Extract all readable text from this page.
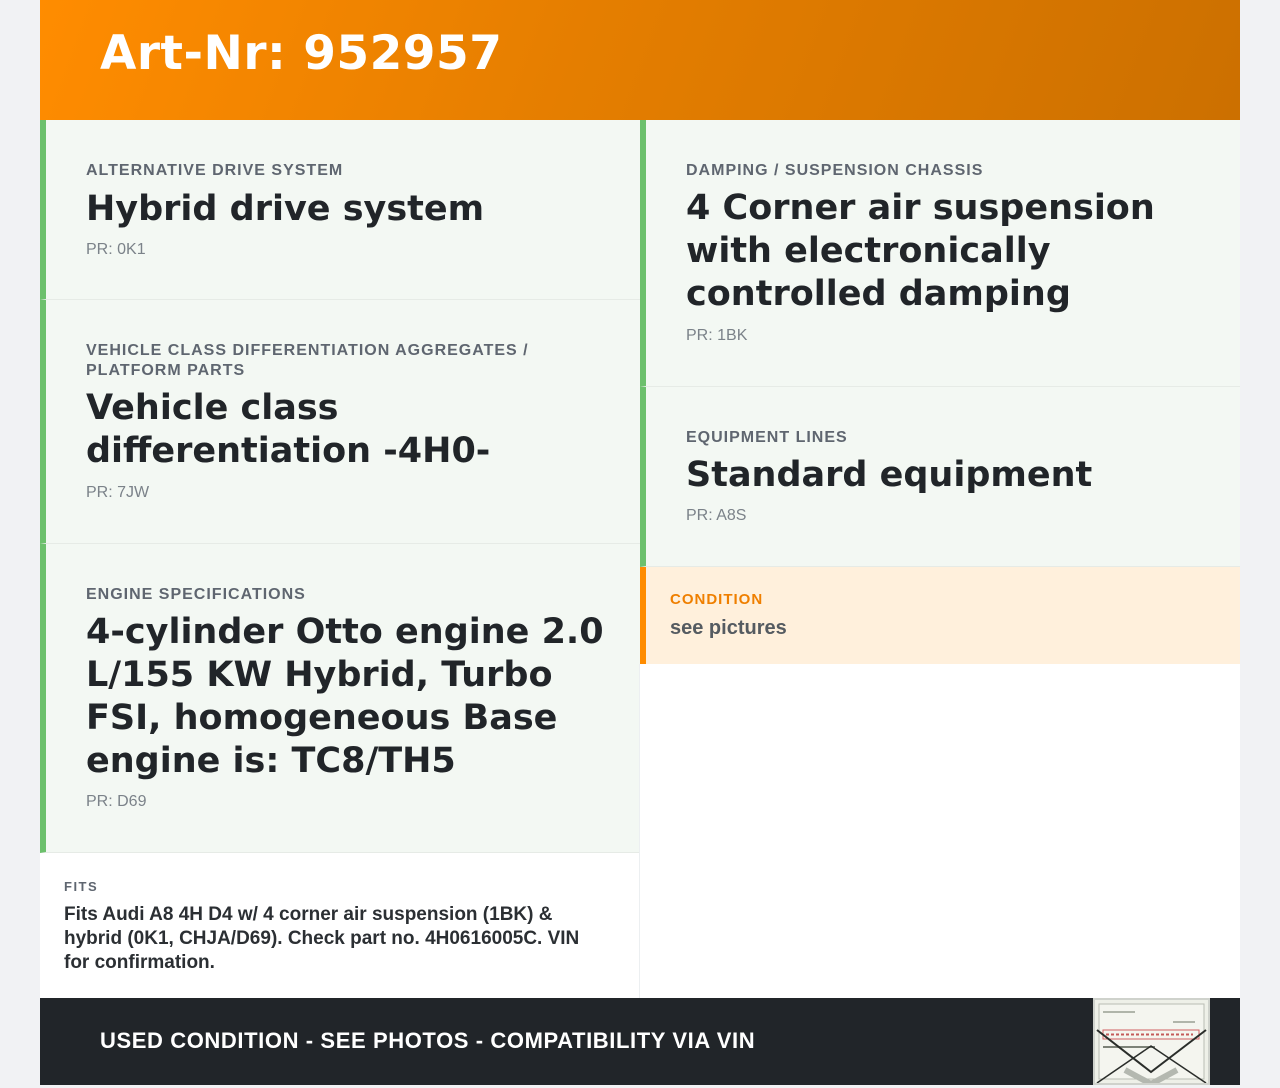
Art-Nr: 952957
ALTERNATIVE DRIVE SYSTEM
Hybrid drive system
PR: 0K1
VEHICLE CLASS DIFFERENTIATION AGGREGATES / PLATFORM PARTS
Vehicle class differentiation -4H0-
PR: 7JW
ENGINE SPECIFICATIONS
4-cylinder Otto engine 2.0 L/155 KW Hybrid, Turbo FSI, homogeneous Base engine is: TC8/TH5
PR: D69
DAMPING / SUSPENSION CHASSIS
4 Corner air suspension with electronically controlled damping
PR: 1BK
EQUIPMENT LINES
Standard equipment
PR: A8S
CONDITION
see pictures
FITS
Fits Audi A8 4H D4 w/ 4 corner air suspension (1BK) & hybrid (0K1, CHJA/D69). Check part no. 4H0616005C. VIN for confirmation.
USED CONDITION - SEE PHOTOS - COMPATIBILITY VIA VIN
